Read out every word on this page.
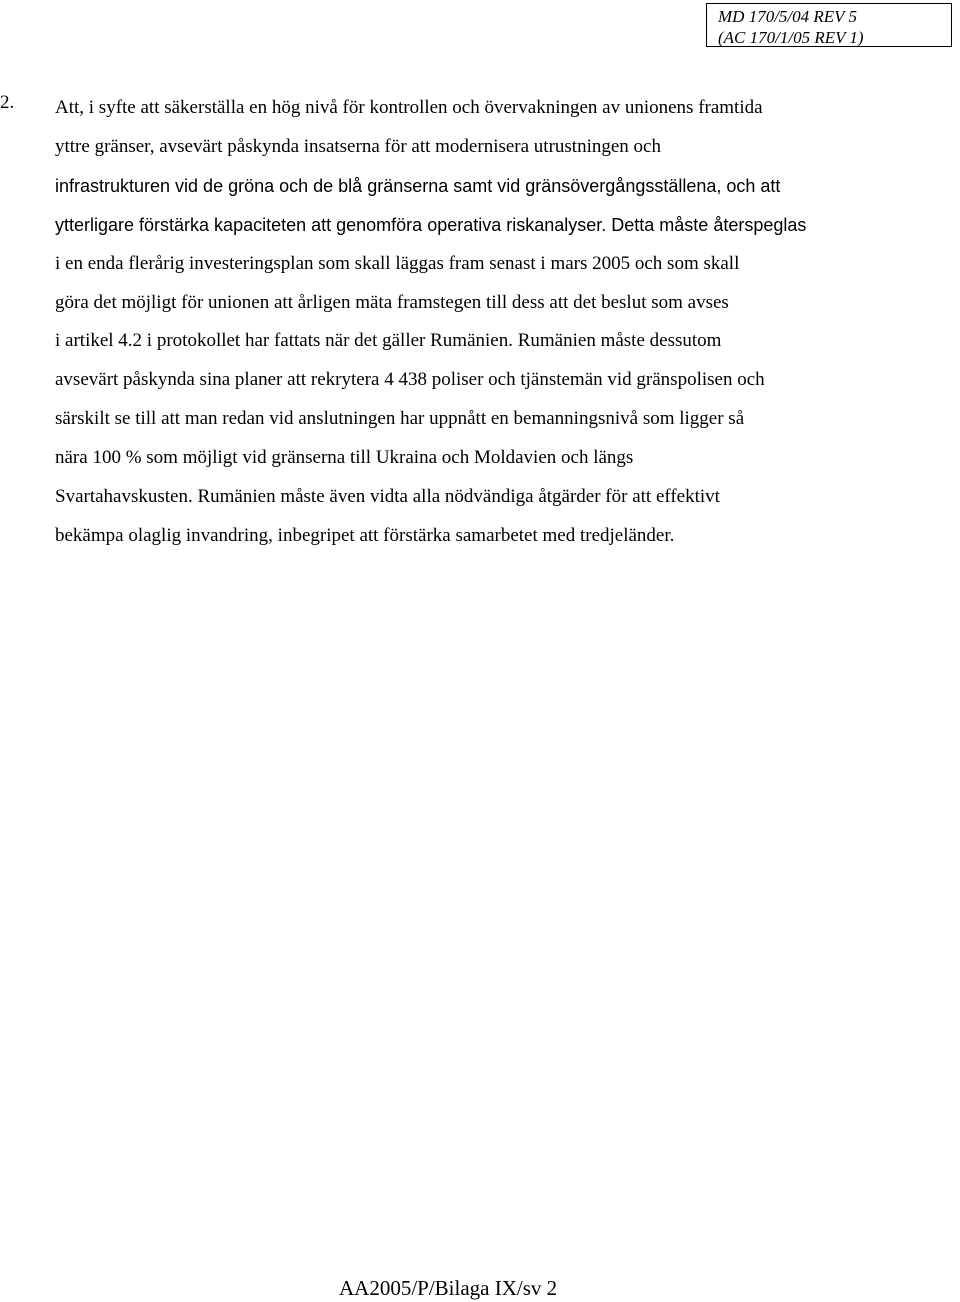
MD 170/5/04 REV 5
(AC 170/1/05 REV 1)
2. Att, i syfte att säkerställa en hög nivå för kontrollen och övervakningen av unionens framtida
yttre gränser, avsevärt påskynda insatserna för att modernisera utrustningen och
infrastrukturen vid de gröna och de blå gränserna samt vid gränsövergångsställena, och att
ytterligare förstärka kapaciteten att genomföra operativa riskanalyser. Detta måste återspeglas
i en enda flerårig investeringsplan som skall läggas fram senast i mars 2005 och som skall
göra det möjligt för unionen att årligen mäta framstegen till dess att det beslut som avses
i artikel 4.2 i protokollet har fattats när det gäller Rumänien. Rumänien måste dessutom
avsevärt påskynda sina planer att rekrytera 4 438 poliser och tjänstemän vid gränspolisen och
särskilt se till att man redan vid anslutningen har uppnått en bemanningsnivå som ligger så
nära 100 % som möjligt vid gränserna till Ukraina och Moldavien och längs
Svartahavskusten. Rumänien måste även vidta alla nödvändiga åtgärder för att effektivt
bekämpa olaglig invandring, inbegripet att förstärka samarbetet med tredjeländer.
AA2005/P/Bilaga IX/sv 2
